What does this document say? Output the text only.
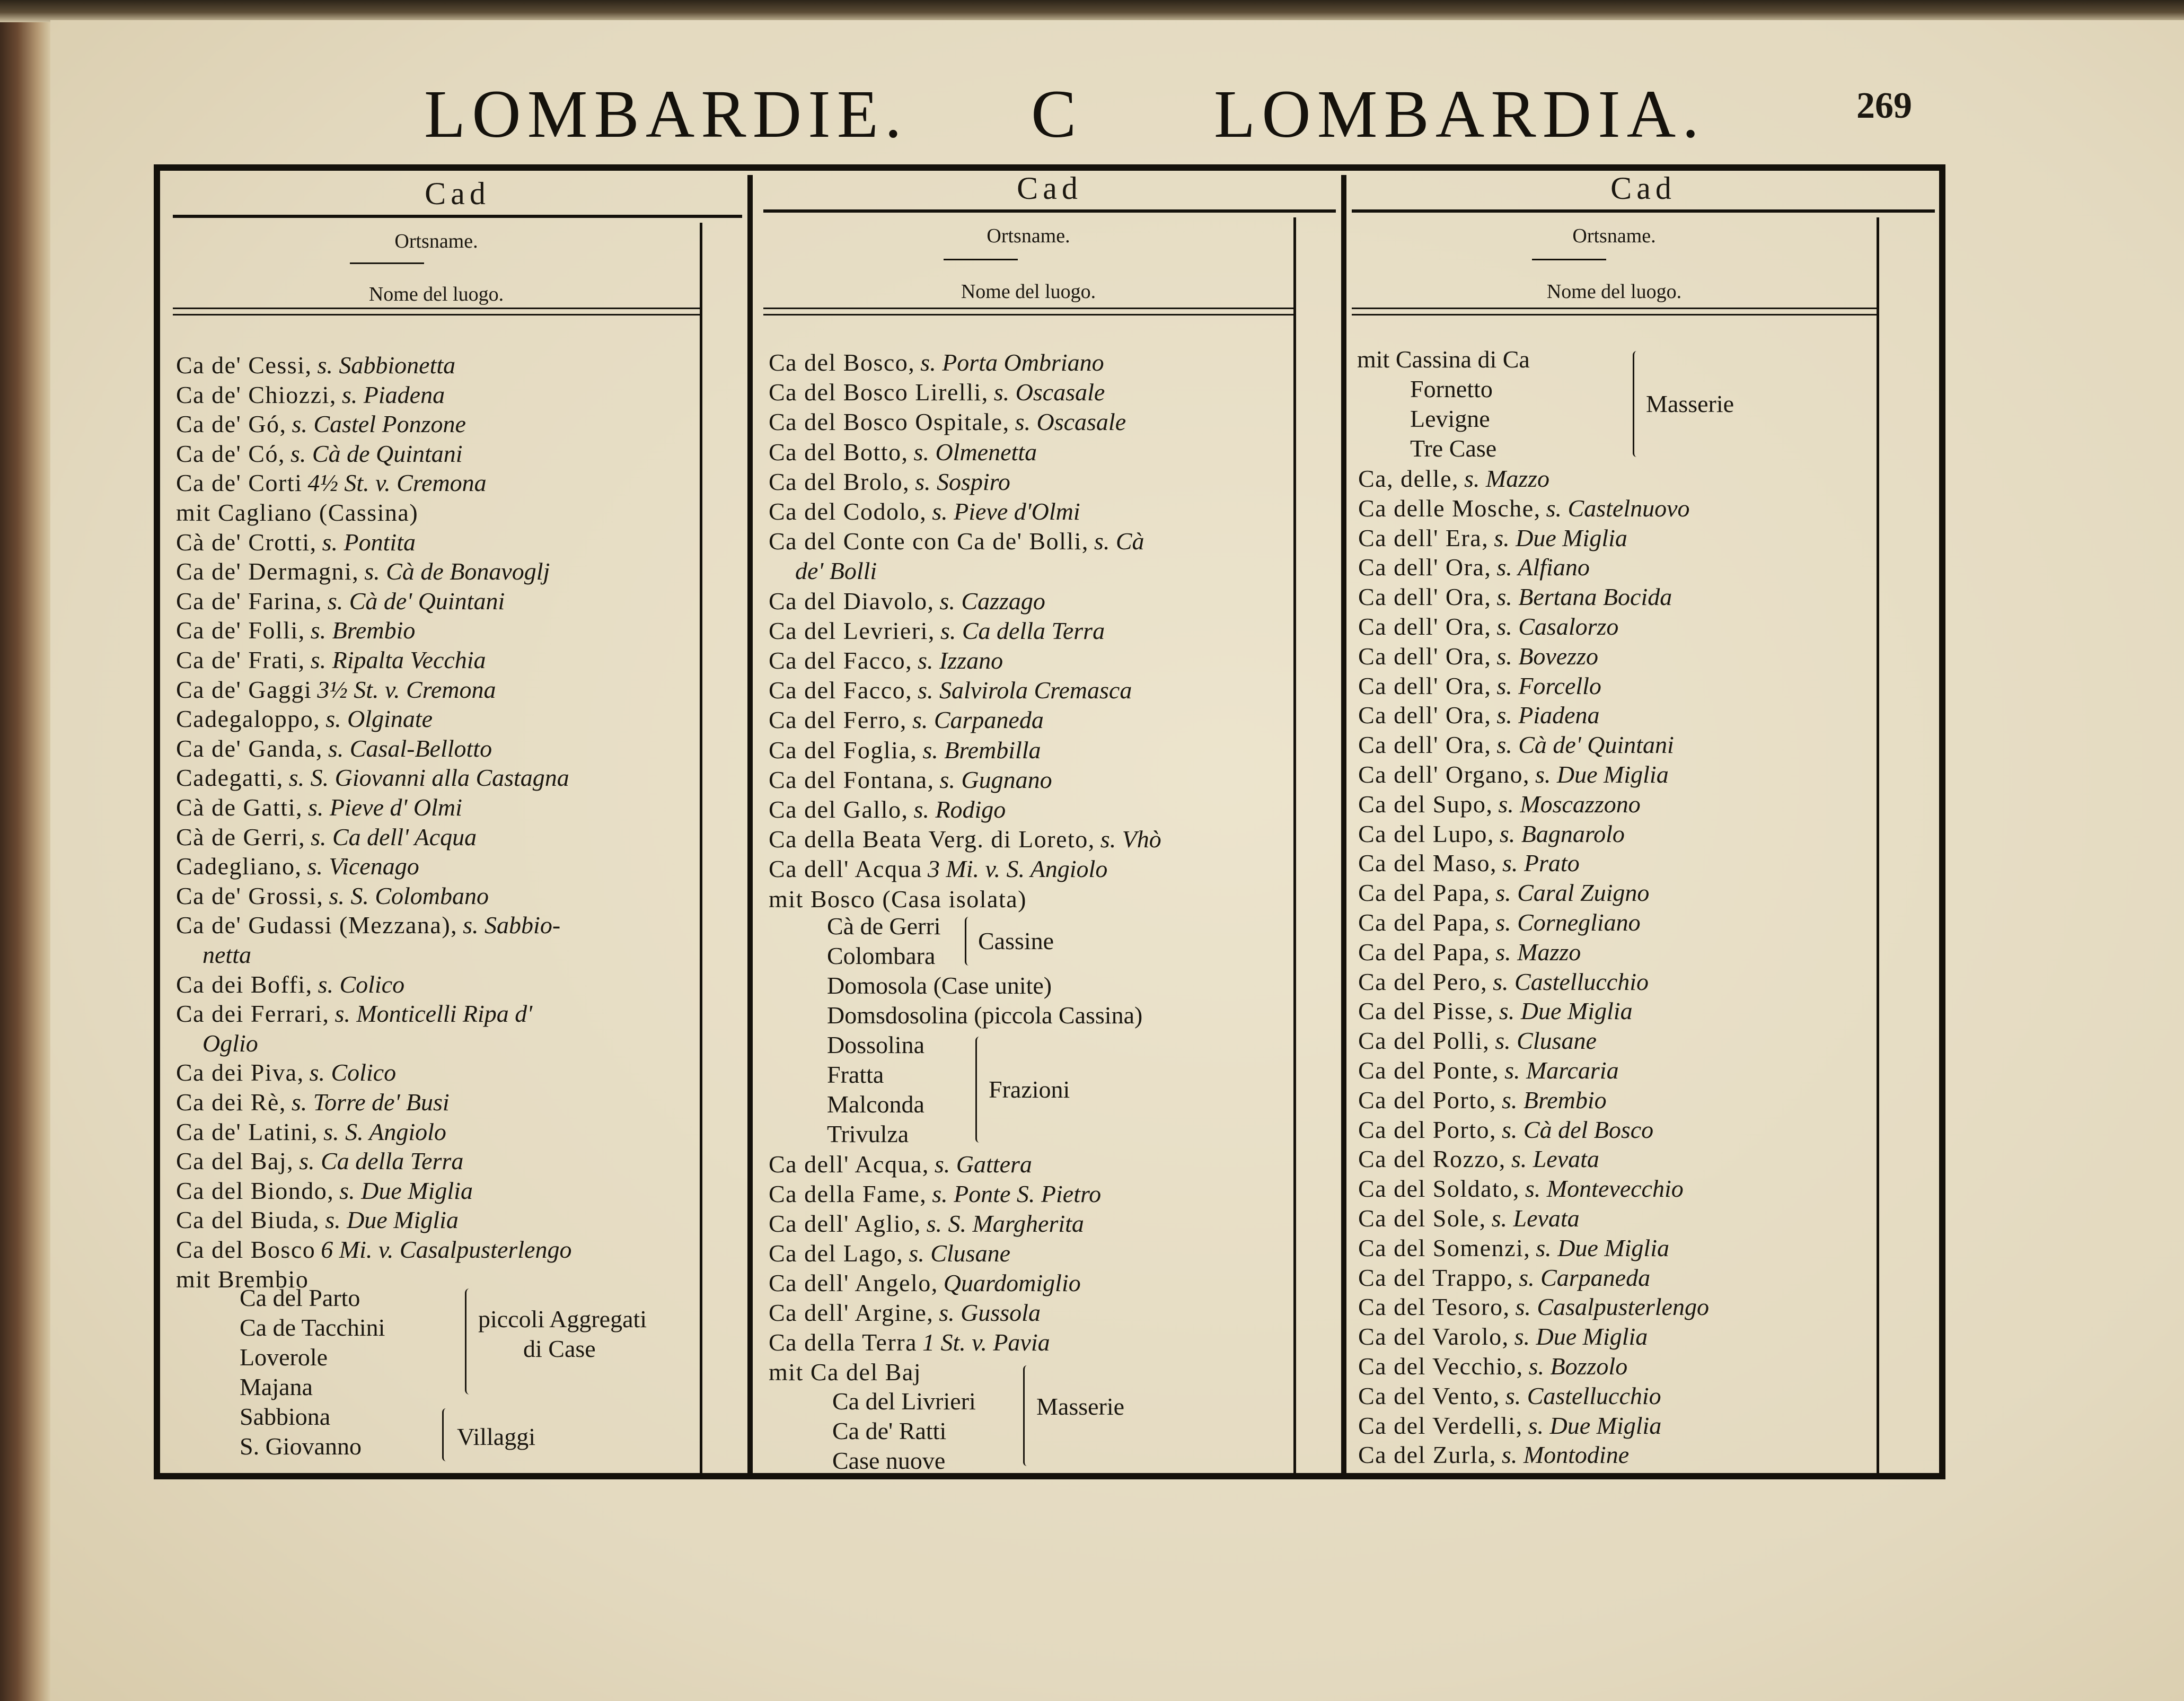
LOMBARDIE. C LOMBARDIA.	269
Cad
Ortsname.
Nome del luogo.
Cad
Ortsname.
Nome del luogo.
Cad
Ortsname.
Nome del luogo.
Ca de' Cessi, s. Sabbionetta
Ca de' Chiozzi, s. Piadena
Ca de' Gó, s. Castel Ponzone
Ca de' Có, s. Cà de Quintani
Ca de' Corti 4½ St. v. Cremona
mit Cagliano (Cassina)
Cà de' Crotti, s. Pontita
Ca de' Dermagni, s. Cà de Bonavoglj
Ca de' Farina, s. Cà de' Quintani
Ca de' Folli, s. Brembio
Ca de' Frati, s. Ripalta Vecchia
Ca de' Gaggi 3½ St. v. Cremona
Cadegaloppo, s. Olginate
Ca de' Ganda, s. Casal-Bellotto
Cadegatti, s. S. Giovanni alla Castagna
Cà de Gatti, s. Pieve d' Olmi
Cà de Gerri, s. Ca dell' Acqua
Cadegliano, s. Vicenago
Ca de' Grossi, s. S. Colombano
Ca de' Gudassi (Mezzana), s. Sabbio-
netta
Ca dei Boffi, s. Colico
Ca dei Ferrari, s. Monticelli Ripa d'
Oglio
Ca dei Piva, s. Colico
Ca dei Rè, s. Torre de' Busi
Ca de' Latini, s. S. Angiolo
Ca del Baj, s. Ca della Terra
Ca del Biondo, s. Due Miglia
Ca del Biuda, s. Due Miglia
Ca del Bosco 6 Mi. v. Casalpusterlengo
mit Brembio
Ca del Parto
Ca de Tacchini
Loverole
Majana
Sabbiona
S. Giovanno
piccoli Aggregati
di Case
Villaggi
Ca del Bosco, s. Porta Ombriano
Ca del Bosco Lirelli, s. Oscasale
Ca del Bosco Ospitale, s. Oscasale
Ca del Botto, s. Olmenetta
Ca del Brolo, s. Sospiro
Ca del Codolo, s. Pieve d'Olmi
Ca del Conte con Ca de' Bolli, s. Cà
de' Bolli
Ca del Diavolo, s. Cazzago
Ca del Levrieri, s. Ca della Terra
Ca del Facco, s. Izzano
Ca del Facco, s. Salvirola Cremasca
Ca del Ferro, s. Carpaneda
Ca del Foglia, s. Brembilla
Ca del Fontana, s. Gugnano
Ca del Gallo, s. Rodigo
Ca della Beata Verg. di Loreto, s. Vhò
Ca dell' Acqua 3 Mi. v. S. Angiolo
mit Bosco (Casa isolata)
Cà de Gerri
Colombara
Cassine
Domosola (Case unite)
Domsdosolina (piccola Cassina)
Dossolina
Fratta
Malconda
Trivulza
Frazioni
Ca dell' Acqua, s. Gattera
Ca della Fame, s. Ponte S. Pietro
Ca dell' Aglio, s. S. Margherita
Ca del Lago, s. Clusane
Ca dell' Angelo, Quardomiglio
Ca dell' Argine, s. Gussola
Ca della Terra 1 St. v. Pavia
mit Ca del Baj
Ca del Livrieri
Ca de' Ratti
Case nuove
Masserie
mit Cassina di Ca
Fornetto
Levigne
Tre Case
Masserie
Ca, delle, s. Mazzo
Ca delle Mosche, s. Castelnuovo
Ca dell' Era, s. Due Miglia
Ca dell' Ora, s. Alfiano
Ca dell' Ora, s. Bertana Bocida
Ca dell' Ora, s. Casalorzo
Ca dell' Ora, s. Bovezzo
Ca dell' Ora, s. Forcello
Ca dell' Ora, s. Piadena
Ca dell' Ora, s. Cà de' Quintani
Ca dell' Organo, s. Due Miglia
Ca del Supo, s. Moscazzono
Ca del Lupo, s. Bagnarolo
Ca del Maso, s. Prato
Ca del Papa, s. Caral Zuigno
Ca del Papa, s. Cornegliano
Ca del Papa, s. Mazzo
Ca del Pero, s. Castellucchio
Ca del Pisse, s. Due Miglia
Ca del Polli, s. Clusane
Ca del Ponte, s. Marcaria
Ca del Porto, s. Brembio
Ca del Porto, s. Cà del Bosco
Ca del Rozzo, s. Levata
Ca del Soldato, s. Montevecchio
Ca del Sole, s. Levata
Ca del Somenzi, s. Due Miglia
Ca del Trappo, s. Carpaneda
Ca del Tesoro, s. Casalpusterlengo
Ca del Varolo, s. Due Miglia
Ca del Vecchio, s. Bozzolo
Ca del Vento, s. Castellucchio
Ca del Verdelli, s. Due Miglia
Ca del Zurla, s. Montodine
